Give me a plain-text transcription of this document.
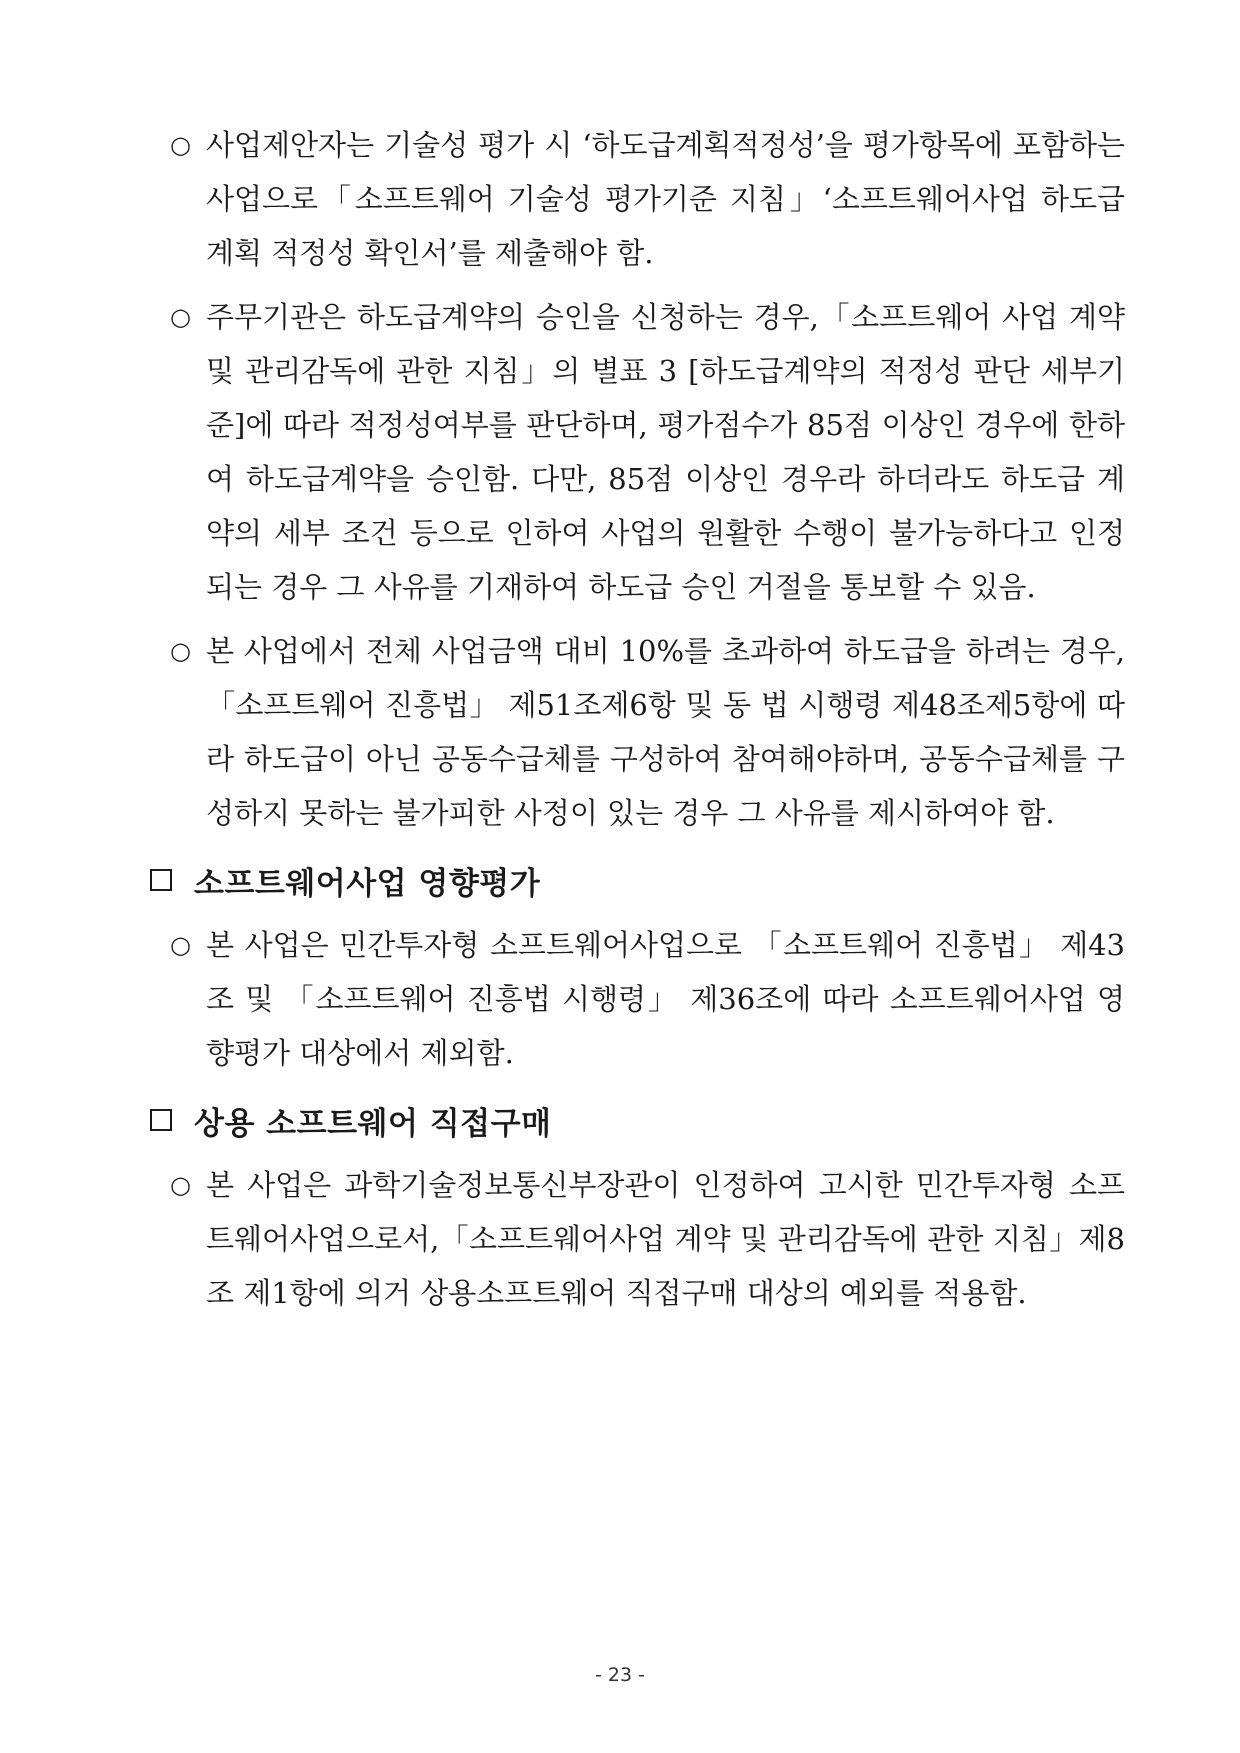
○ 사업제안자는 기술성 평가 시 ‘하도급계획적정성’을 평가항목에 포함하는 사업으로「소프트웨어 기술성 평가기준 지침」‘소프트웨어사업 하도급 계획 적정성 확인서’를 제출해야 함.
○ 주무기관은 하도급계약의 승인을 신청하는 경우,「소프트웨어 사업 계약 및 관리감독에 관한 지침」의 별표 3 [하도급계약의 적정성 판단 세부기준]에 따라 적정성여부를 판단하며, 평가점수가 85점 이상인 경우에 한하여 하도급계약을 승인함. 다만, 85점 이상인 경우라 하더라도 하도급 계약의 세부 조건 등으로 인하여 사업의 원활한 수행이 불가능하다고 인정되는 경우 그 사유를 기재하여 하도급 승인 거절을 통보할 수 있음.
○ 본 사업에서 전체 사업금액 대비 10%를 초과하여 하도급을 하려는 경우, 「소프트웨어 진흥법」 제51조제6항 및 동 법 시행령 제48조제5항에 따라 하도급이 아닌 공동수급체를 구성하여 참여해야하며, 공동수급체를 구성하지 못하는 불가피한 사정이 있는 경우 그 사유를 제시하여야 함.
소프트웨어사업 영향평가
○ 본 사업은 민간투자형 소프트웨어사업으로 「소프트웨어 진흥법」 제43조 및 「소프트웨어 진흥법 시행령」 제36조에 따라 소프트웨어사업 영향평가 대상에서 제외함.
상용 소프트웨어 직접구매
○ 본 사업은 과학기술정보통신부장관이 인정하여 고시한 민간투자형 소프트웨어사업으로서,「소프트웨어사업 계약 및 관리감독에 관한 지침」제8조 제1항에 의거 상용소프트웨어 직접구매 대상의 예외를 적용함.
- 23 -
